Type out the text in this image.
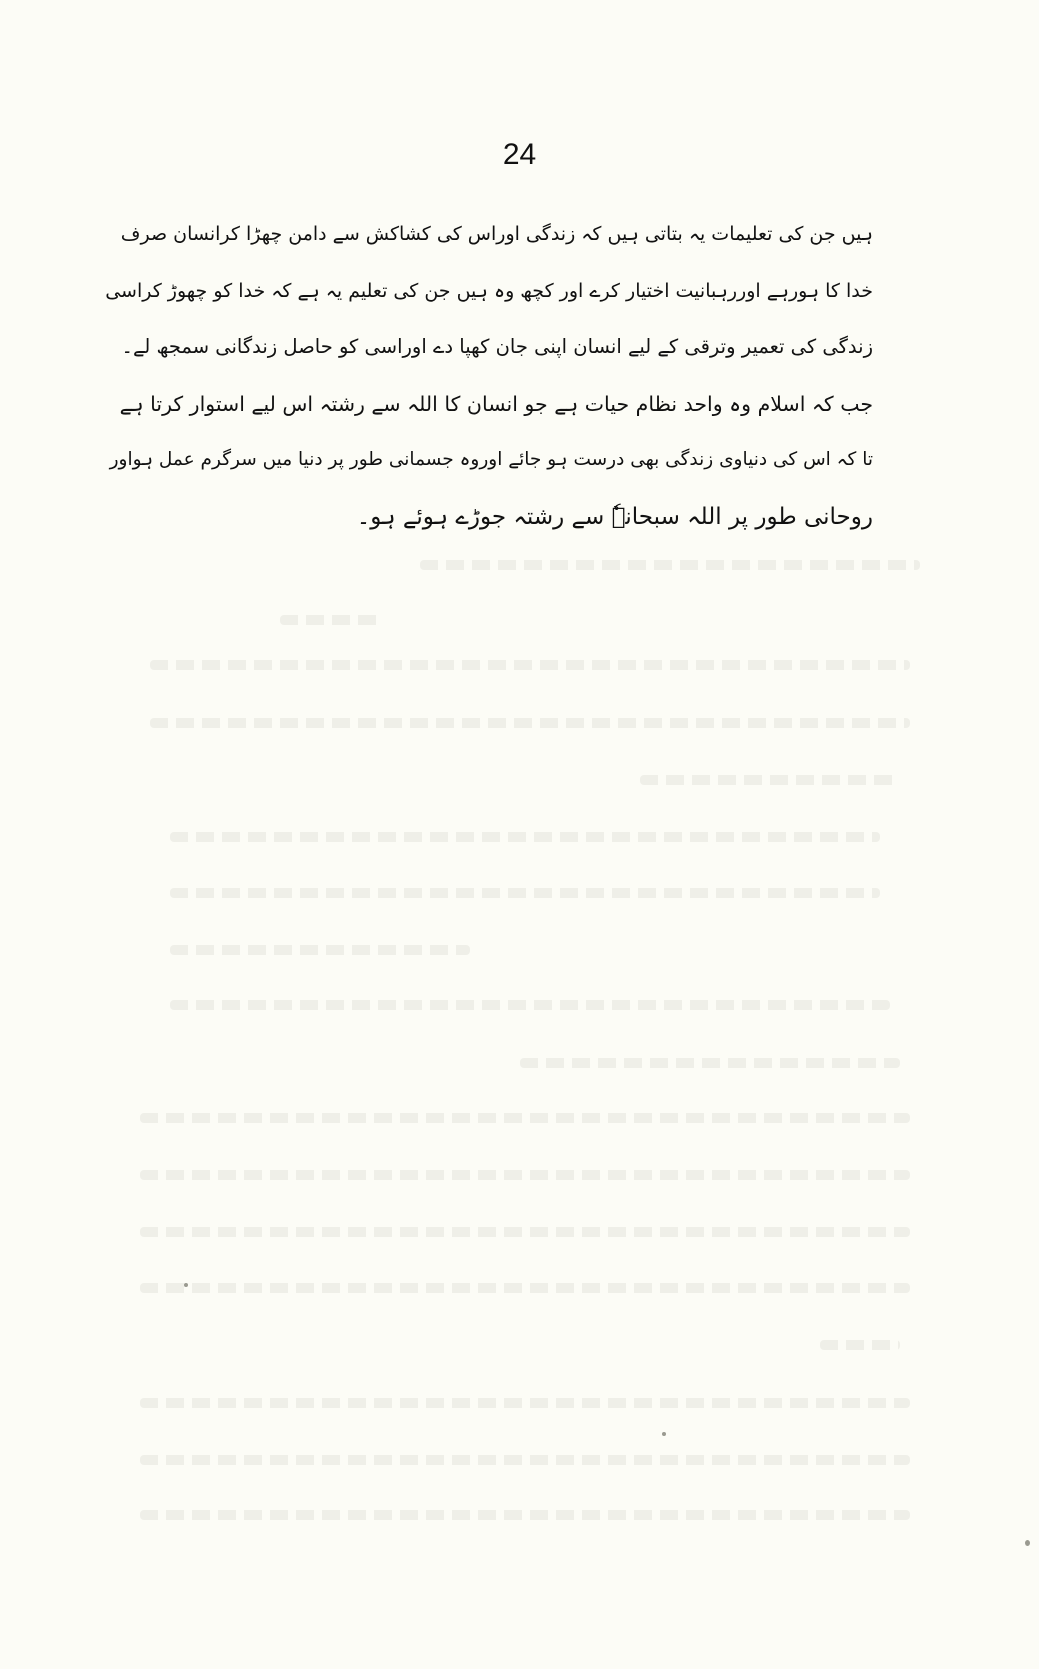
24
ہیں جن کی تعلیمات یہ بتاتی ہیں کہ زندگی اوراس کی کشاکش سے دامن چھڑا کرانسان صرف
خدا کا ہورہے اوررہبانیت اختیار کرے اور کچھ وہ ہیں جن کی تعلیم یہ ہے کہ خدا کو چھوڑ کراسی
زندگی کی تعمیر وترقی کے لیے انسان اپنی جان کھپا دے اوراسی کو حاصل زندگانی سمجھ لے۔
جب کہ اسلام وہ واحد نظام حیات ہے جو انسان کا اللہ سے رشتہ اس لیے استوار کرتا ہے
تا کہ اس کی دنیاوی زندگی بھی درست ہو جائے اوروہ جسمانی طور پر دنیا میں سرگرم عمل ہواور
روحانی طور پر اللہ سبحانہٗ سے رشتہ جوڑے ہوئے ہو۔
